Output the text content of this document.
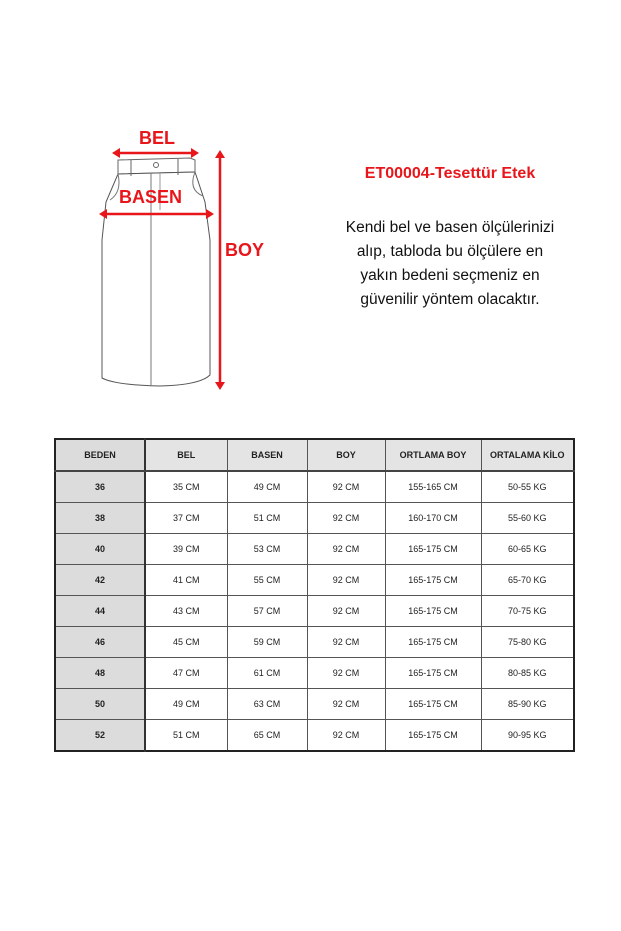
BEL
BASEN
BOY
ET00004-Tesettür Etek
Kendi bel ve basen ölçülerinizi
alıp, tabloda bu ölçülere en
yakın bedeni seçmeniz en
güvenilir yöntem olacaktır.
BEDEN	BEL	BASEN	BOY	ORTLAMA BOY	ORTALAMA KİLO
36	35 CM	49 CM	92 CM	155-165 CM	50-55 KG
38	37 CM	51 CM	92 CM	160-170 CM	55-60 KG
40	39 CM	53 CM	92 CM	165-175 CM	60-65 KG
42	41 CM	55 CM	92 CM	165-175 CM	65-70 KG
44	43 CM	57 CM	92 CM	165-175 CM	70-75 KG
46	45 CM	59 CM	92 CM	165-175 CM	75-80 KG
48	47 CM	61 CM	92 CM	165-175 CM	80-85 KG
50	49 CM	63 CM	92 CM	165-175 CM	85-90 KG
52	51 CM	65 CM	92 CM	165-175 CM	90-95 KG
